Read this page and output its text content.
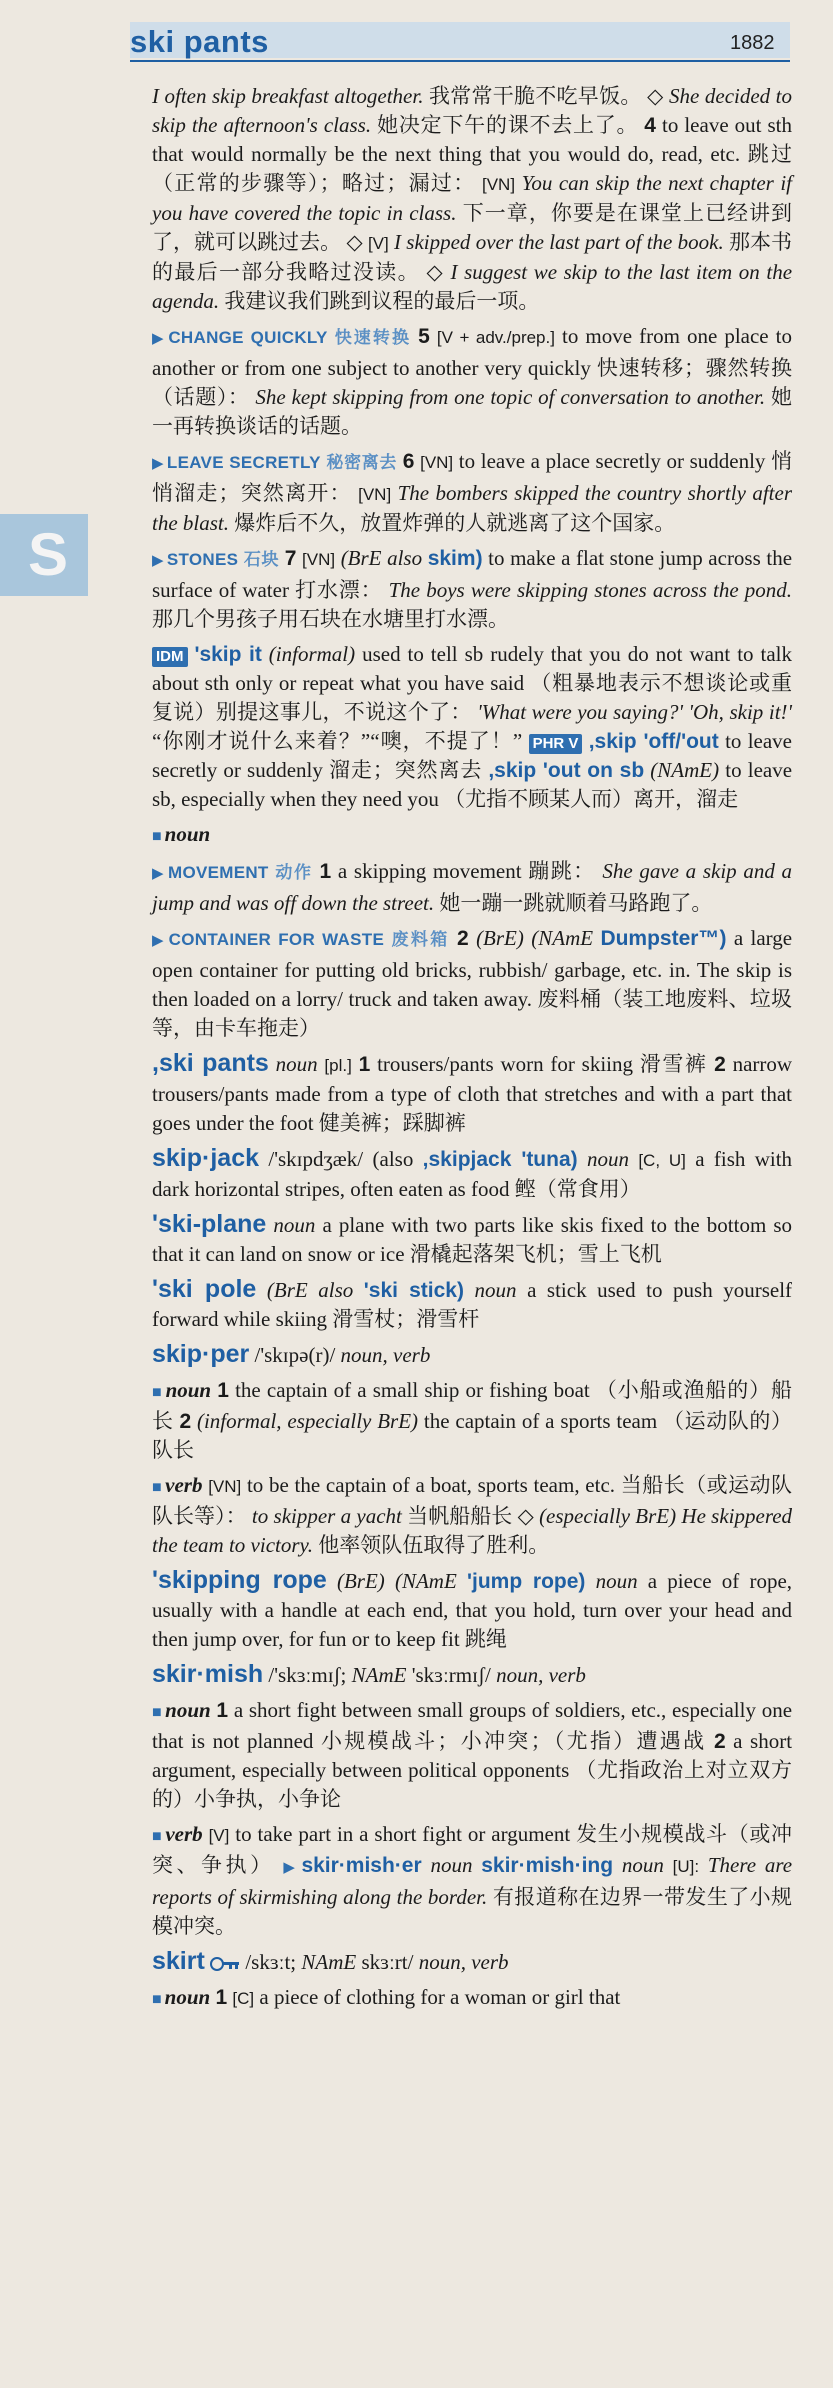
ski pants	1882
S

I often skip breakfast altogether. 我常常干脆不吃早饭。 ◇ She decided to skip the afternoon's class. 她决定下午的课不去上了。 4 to leave out sth that would normally be the next thing that you would do, read, etc. 跳过（正常的步骤等）；略过；漏过： [VN] You can skip the next chapter if you have covered the topic in class. 下一章，你要是在课堂上已经讲到了，就可以跳过去。 ◇ [V] I skipped over the last part of the book. 那本书的最后一部分我略过没读。 ◇ I suggest we skip to the last item on the agenda. 我建议我们跳到议程的最后一项。

▶ CHANGE QUICKLY 快速转换 5 [V + adv./prep.] to move from one place to another or from one subject to another very quickly 快速转移；骤然转换（话题）： She kept skipping from one topic of conversation to another. 她一再转换谈话的话题。

▶ LEAVE SECRETLY 秘密离去 6 [VN] to leave a place secretly or suddenly 悄悄溜走；突然离开： [VN] The bombers skipped the country shortly after the blast. 爆炸后不久，放置炸弹的人就逃离了这个国家。

▶ STONES 石块 7 [VN] (BrE also skim) to make a flat stone jump across the surface of water 打水漂： The boys were skipping stones across the pond. 那几个男孩子用石块在水塘里打水漂。

IDM 'skip it (informal) used to tell sb rudely that you do not want to talk about sth only or repeat what you have said （粗暴地表示不想谈论或重复说）别提这事儿，不说这个了： 'What were you saying?' 'Oh, skip it!' “你刚才说什么来着？”“噢，不提了！” PHR V ,skip 'off/'out to leave secretly or suddenly 溜走；突然离去 ,skip 'out on sb (NAmE) to leave sb, especially when they need you （尤指不顾某人而）离开，溜走

■ noun

▶ MOVEMENT 动作 1 a skipping movement 蹦跳： She gave a skip and a jump and was off down the street. 她一蹦一跳就顺着马路跑了。

▶ CONTAINER FOR WASTE 废料箱 2 (BrE) (NAmE Dumpster™) a large open container for putting old bricks, rubbish/ garbage, etc. in. The skip is then loaded on a lorry/ truck and taken away. 废料桶（装工地废料、垃圾等，由卡车拖走）

,ski pants noun [pl.] 1 trousers/pants worn for skiing 滑雪裤 2 narrow trousers/pants made from a type of cloth that stretches and with a part that goes under the foot 健美裤；踩脚裤

skip·jack /'skɪpdʒæk/ (also ,skipjack 'tuna) noun [C, U] a fish with dark horizontal stripes, often eaten as food 鲣（常食用）

'ski-plane noun a plane with two parts like skis fixed to the bottom so that it can land on snow or ice 滑橇起落架飞机；雪上飞机

'ski pole (BrE also 'ski stick) noun a stick used to push yourself forward while skiing 滑雪杖；滑雪杆

skip·per /'skɪpə(r)/ noun, verb

■ noun 1 the captain of a small ship or fishing boat （小船或渔船的）船长 2 (informal, especially BrE) the captain of a sports team （运动队的）队长

■ verb [VN] to be the captain of a boat, sports team, etc. 当船长（或运动队队长等）： to skipper a yacht 当帆船船长 ◇ (especially BrE) He skippered the team to victory. 他率领队伍取得了胜利。

'skipping rope (BrE) (NAmE 'jump rope) noun a piece of rope, usually with a handle at each end, that you hold, turn over your head and then jump over, for fun or to keep fit 跳绳

skir·mish /'skɜːmɪʃ; NAmE 'skɜːrmɪʃ/ noun, verb

■ noun 1 a short fight between small groups of soldiers, etc., especially one that is not planned 小规模战斗；小冲突；（尤指）遭遇战 2 a short argument, especially between political opponents （尤指政治上对立双方的）小争执，小争论

■ verb [V] to take part in a short fight or argument 发生小规模战斗（或冲突、争执） ▶ skir·mish·er noun skir·mish·ing noun [U]: There are reports of skirmishing along the border. 有报道称在边界一带发生了小规模冲突。

skirt /skɜːt; NAmE skɜːrt/ noun, verb

■ noun 1 [C] a piece of clothing for a woman or girl that
